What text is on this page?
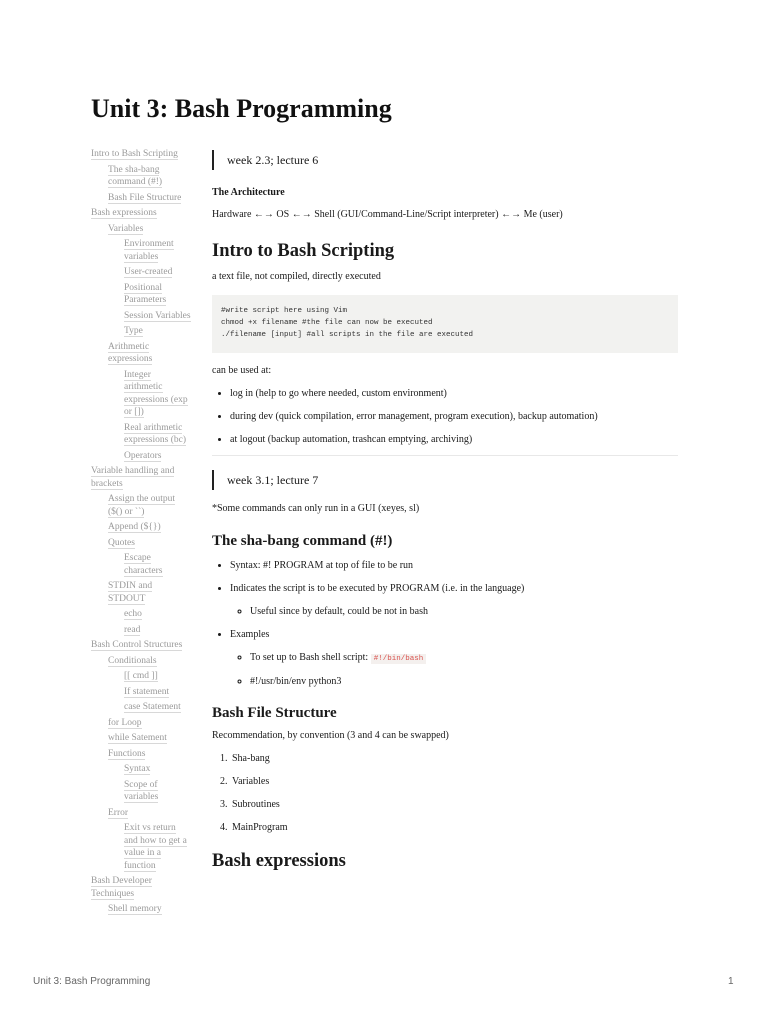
Unit 3: Bash Programming
Intro to Bash Scripting
The sha-bang command (#!)
Bash File Structure
Bash expressions
Variables
Environment variables
User-created
Positional Parameters
Session Variables
Type
Arithmetic expressions
Integer arithmetic expressions (exp or [])
Real arithmetic expressions (bc)
Operators
Variable handling and brackets
Assign the output ($() or ``)
Append (${})
Quotes
Escape characters
STDIN and STDOUT
echo
read
Bash Control Structures
Conditionals
[[ cmd ]]
If statement
case Statement
for Loop
while Satement
Functions
Syntax
Scope of variables
Error
Exit vs return and how to get a value in a function
Bash Developer Techniques
Shell memory
week 2.3; lecture 6

The Architecture

Hardware ←→ OS ←→ Shell (GUI/Command-Line/Script interpreter) ←→ Me (user)

Intro to Bash Scripting

a text file, not compiled, directly executed

#write script here using Vim
chmod +x filename #the file can now be executed
./filename [input] #all scripts in the file are executed

can be used at:

• log in (help to go where needed, custom environment)
• during dev (quick compilation, error management, program execution), backup automation)
• at logout (backup automation, trashcan emptying, archiving)
week 3.1; lecture 7

*Some commands can only run in a GUI (xeyes, sl)

The sha-bang command (#!)
• Syntax: #! PROGRAM at top of file to be run
• Indicates the script is to be executed by PROGRAM (i.e. in the language)
◦ Useful since by default, could be not in bash
• Examples
◦ To set up to Bash shell script: #!/bin/bash
◦ #!/usr/bin/env python3
Bash File Structure

Recommendation, by convention (3 and 4 can be swapped)

1. Sha-bang
2. Variables
3. Subroutines
4. MainProgram
Bash expressions
Unit 3: Bash Programming	1
